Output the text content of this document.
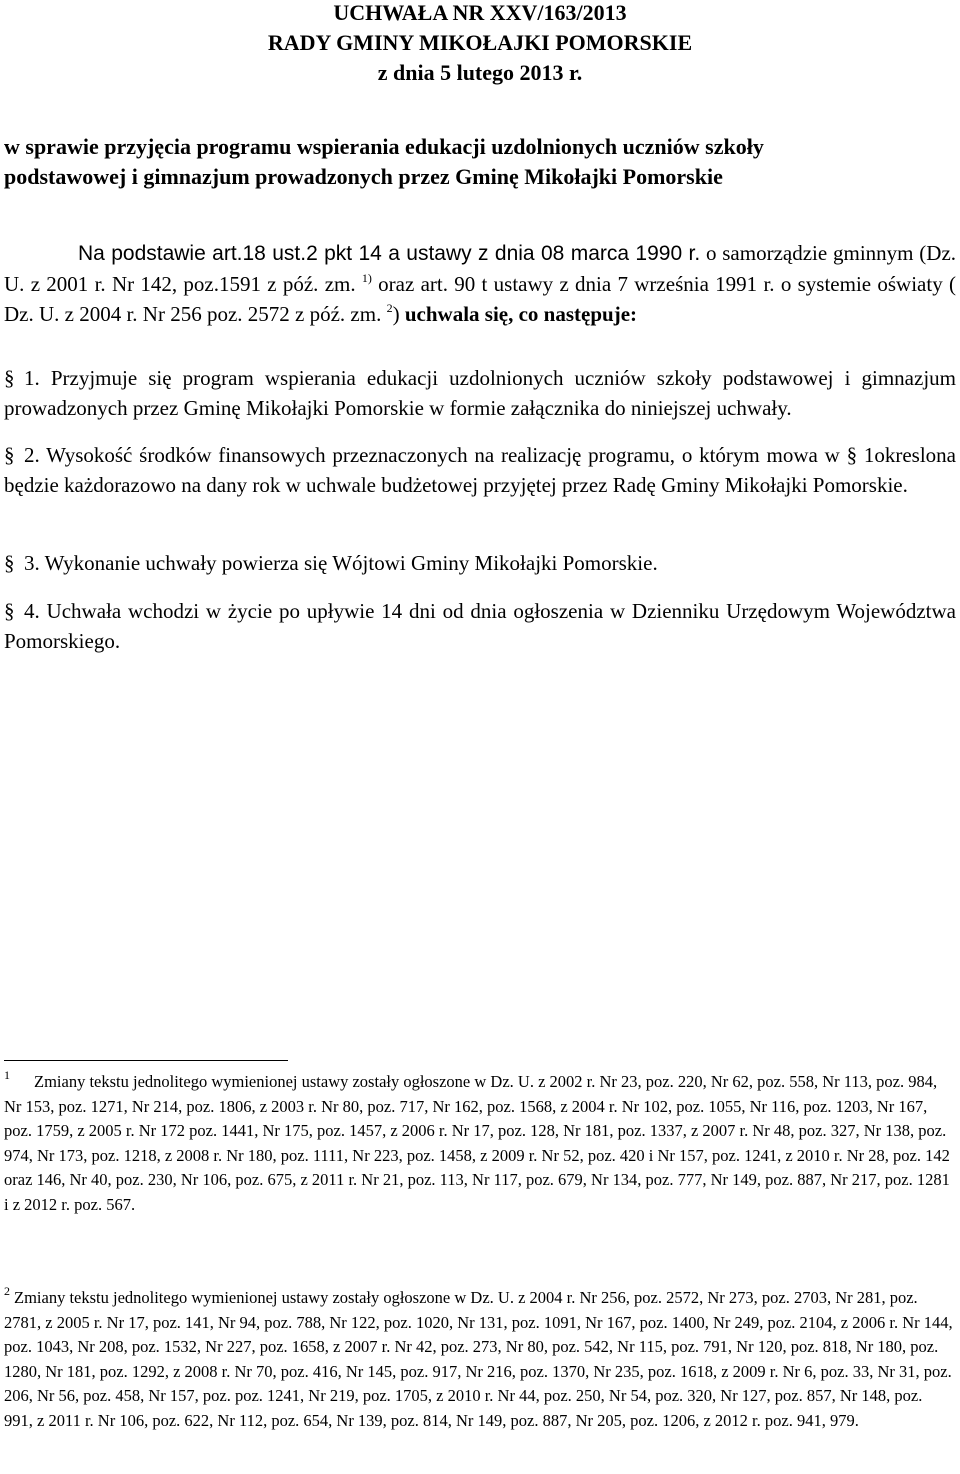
UCHWAŁA NR XXV/163/2013
RADY GMINY MIKOŁAJKI POMORSKIE
z dnia 5 lutego 2013 r.
w sprawie przyjęcia programu wspierania edukacji uzdolnionych uczniów szkoły
podstawowej i gimnazjum prowadzonych przez Gminę Mikołajki Pomorskie
Na podstawie art.18 ust.2 pkt 14 a ustawy z dnia 08 marca 1990 r. o samorządzie gminnym (Dz. U. z 2001 r. Nr 142, poz.1591 z póź. zm. $^{1)}$ oraz art. 90 t ustawy z dnia 7 września 1991 r. o systemie oświaty ( Dz. U. z 2004 r. Nr 256 poz. 2572 z póź. zm. $^2$) uchwala się, co następuje:
§ 1. Przyjmuje się program wspierania edukacji uzdolnionych uczniów szkoły podstawowej i gimnazjum prowadzonych przez Gminę Mikołajki Pomorskie w formie załącznika do niniejszej uchwały.
§ 2. Wysokość środków finansowych przeznaczonych na realizację programu, o którym mowa w § 1okreslona będzie każdorazowo na dany rok w uchwale budżetowej przyjętej przez Radę Gminy Mikołajki Pomorskie.
§ 3. Wykonanie uchwały powierza się Wójtowi Gminy Mikołajki Pomorskie.
§ 4. Uchwała wchodzi w życie po upływie 14 dni od dnia ogłoszenia w Dzienniku Urzędowym Województwa Pomorskiego.
$^1$ Zmiany tekstu jednolitego wymienionej ustawy zostały ogłoszone w Dz. U. z 2002 r. Nr 23, poz. 220, Nr 62, poz. 558, Nr 113, poz. 984, Nr 153, poz. 1271, Nr 214, poz. 1806, z 2003 r. Nr 80, poz. 717, Nr 162, poz. 1568, z 2004 r. Nr 102, poz. 1055, Nr 116, poz. 1203, Nr 167, poz. 1759, z 2005 r. Nr 172 poz. 1441, Nr 175, poz. 1457, z 2006 r. Nr 17, poz. 128, Nr 181, poz. 1337, z 2007 r. Nr 48, poz. 327, Nr 138, poz. 974, Nr 173, poz. 1218, z 2008 r. Nr 180, poz. 1111, Nr 223, poz. 1458, z 2009 r. Nr 52, poz. 420 i Nr 157, poz. 1241, z 2010 r. Nr 28, poz. 142 oraz 146, Nr 40, poz. 230, Nr 106, poz. 675, z 2011 r. Nr 21, poz. 113, Nr 117, poz. 679, Nr 134, poz. 777, Nr 149, poz. 887, Nr 217, poz. 1281 i z 2012 r. poz. 567.
$^2$ Zmiany tekstu jednolitego wymienionej ustawy zostały ogłoszone w Dz. U. z 2004 r. Nr 256, poz. 2572, Nr 273, poz. 2703, Nr 281, poz. 2781, z 2005 r. Nr 17, poz. 141, Nr 94, poz. 788, Nr 122, poz. 1020, Nr 131, poz. 1091, Nr 167, poz. 1400, Nr 249, poz. 2104, z 2006 r. Nr 144, poz. 1043, Nr 208, poz. 1532, Nr 227, poz. 1658, z 2007 r. Nr 42, poz. 273, Nr 80, poz. 542, Nr 115, poz. 791, Nr 120, poz. 818, Nr 180, poz. 1280, Nr 181, poz. 1292, z 2008 r. Nr 70, poz. 416, Nr 145, poz. 917, Nr 216, poz. 1370, Nr 235, poz. 1618, z 2009 r. Nr 6, poz. 33, Nr 31, poz. 206, Nr 56, poz. 458, Nr 157, poz. poz. 1241, Nr 219, poz. 1705, z 2010 r. Nr 44, poz. 250, Nr 54, poz. 320, Nr 127, poz. 857, Nr 148, poz. 991, z 2011 r. Nr 106, poz. 622, Nr 112, poz. 654, Nr 139, poz. 814, Nr 149, poz. 887, Nr 205, poz. 1206, z 2012 r. poz. 941, 979.
